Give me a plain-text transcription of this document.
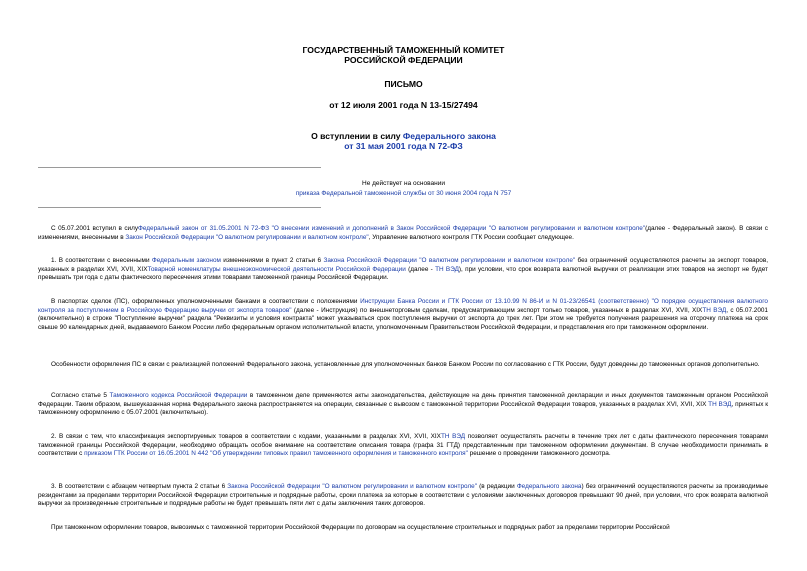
ГОСУДАРСТВЕННЫЙ ТАМОЖЕННЫЙ КОМИТЕТ
РОССИЙСКОЙ ФЕДЕРАЦИИ
ПИСЬМО
от 12 июля 2001 года N 13-15/27494
О вступлении в силу Федерального закона
от 31 мая 2001 года N 72-ФЗ
Не действует на основании
приказа Федеральной таможенной службы от 30 июня 2004 года N 757

С 05.07.2001 вступил в силуФедеральный закон от 31.05.2001 N 72-ФЗ "О внесении изменений и дополнений в Закон Российской Федерации "О валютном регулировании и валютном контроле"(далее - Федеральный закон). В связи с изменениями, внесенными в Закон Российской Федерации "О валютном регулировании и валютном контроле", Управление валютного контроля ГТК России сообщает следующее.

1. В соответствии с внесенными Федеральным законом изменениями в пункт 2 статьи 6 Закона Российской Федерации "О валютном регулировании и валютном контроле" без ограничений осуществляются расчеты за экспорт товаров, указанных в разделах XVI, XVII, XIXТоварной номенклатуры внешнеэкономической деятельности Российской Федерации (далее - ТН ВЭД), при условии, что срок возврата валютной выручки от реализации этих товаров на экспорт не будет превышать три года с даты фактического пересечения этими товарами таможенной границы Российской Федерации.

В паспортах сделок (ПС), оформленных уполномоченными банками в соответствии с положениями Инструкции Банка России и ГТК России от 13.10.99 N 86-И и N 01-23/26541 (соответственно) "О порядке осуществления валютного контроля за поступлением в Российскую Федерацию выручки от экспорта товаров" (далее - Инструкция) по внешнеторговым сделкам, предусматривающим экспорт только товаров, указанных в разделах XVI, XVII, XIXТН ВЭД, с 05.07.2001 (включительно) в строке "Поступление выручки" раздела "Реквизиты и условия контракта" может указываться срок поступления выручки от экспорта до трех лет. При этом не требуется получения разрешения на отсрочку платежа на срок свыше 90 календарных дней, выдаваемого Банком России либо федеральным органом исполнительной власти, уполномоченным Правительством Российской Федерации, и представления его при таможенном оформлении.

Особенности оформления ПС в связи с реализацией положений Федерального закона, установленные для уполномоченных банков Банком России по согласованию с ГТК России, будут доведены до таможенных органов дополнительно.

Согласно статье 5 Таможенного кодекса Российской Федерации в таможенном деле применяются акты законодательства, действующие на день принятия таможенной декларации и иных документов таможенным органом Российской Федерации. Таким образом, вышеуказанная норма Федерального закона распространяется на операции, связанные с вывозом с таможенной территории Российской Федерации товаров, указанных в разделах XVI, XVII, XIX ТН ВЭД, принятых к таможенному оформлению с 05.07.2001 (включительно).

2. В связи с тем, что классификация экспортируемых товаров в соответствии с кодами, указанными в разделах XVI, XVII, XIXТН ВЭД позволяет осуществлять расчеты в течение трех лет с даты фактического пересечения товарами таможенной границы Российской Федерации, необходимо обращать особое внимание на соответствие описания товара (графа 31 ГТД) представленным при таможенном оформлении документам. В случае необходимости принимать в соответствии с приказом ГТК России от 16.05.2001 N 442 "Об утверждении типовых правил таможенного оформления и таможенного контроля" решение о проведении таможенного досмотра.

3. В соответствии с абзацем четвертым пункта 2 статьи 6 Закона Российской Федерации "О валютном регулировании и валютном контроле" (в редакции Федерального закона) без ограничений осуществляются расчеты за производимые резидентами за пределами территории Российской Федерации строительные и подрядные работы, сроки платежа за которые в соответствии с условиями заключенных договоров превышают 90 дней, при условии, что срок возврата валютной выручки за произведенные строительные и подрядные работы не будет превышать пяти лет с даты заключения таких договоров.

При таможенном оформлении товаров, вывозимых с таможенной территории Российской Федерации по договорам на осуществление строительных и подрядных работ за пределами территории Российской
